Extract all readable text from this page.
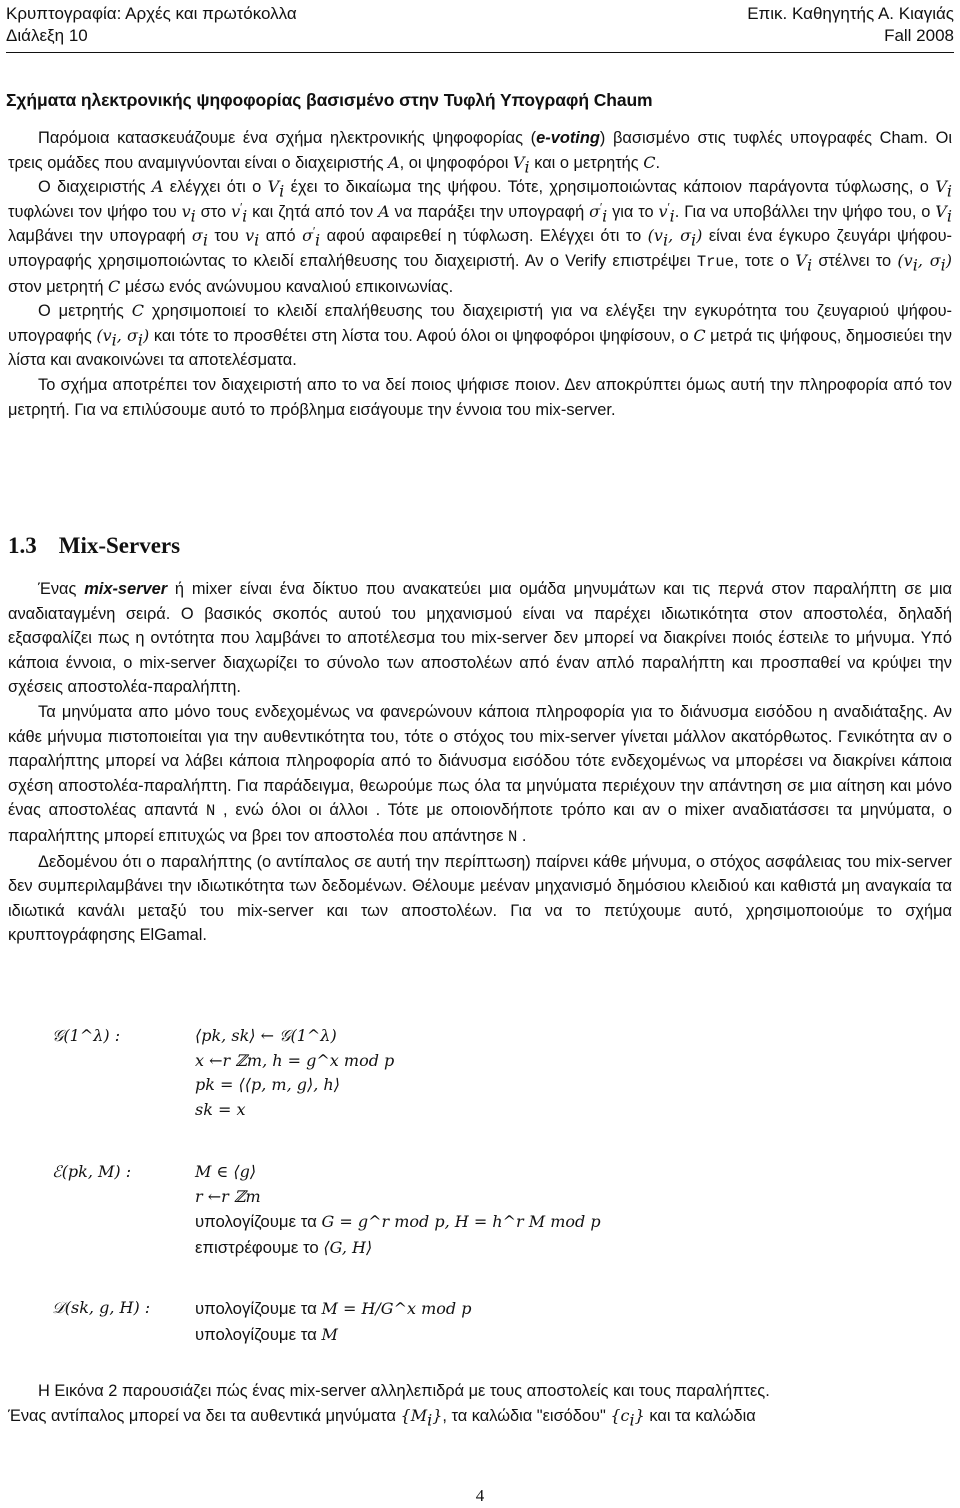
Κρυπτογραφία: Αρχές και πρωτόκολλα	Επικ. Καθηγητής Α. Κιαγιάς
Διάλεξη 10	Fall 2008
Σχήματα ηλεκτρονικής ψηφοφορίας βασισμένο στην Τυφλή Υπογραφή Chaum

Παρόμοια κατασκευάζουμε ένα σχήμα ηλεκτρονικής ψηφοφορίας (e-voting) βασισμένο στις τυφλές υπογραφές Cham. Οι τρεις ομάδες που αναμιγνύονται είναι ο διαχειριστής A, οι ψηφοφόροι $V_i$ και ο μετρητής C.

Ο διαχειριστής A ελέγχει ότι ο $V_i$ έχει το δικαίωμα της ψήφου. Τότε, χρησιμοποιώντας κάποιον παράγοντα τύφλωσης, ο $V_i$ τυφλώνει τον ψήφο του $v_i$ στο $v'_i$ και ζητά από τον A να παράξει την υπογραφή $\sigma'_i$ για το $v'_i$. Για να υποβάλλει την ψήφο του, ο $V_i$ λαμβάνει την υπογραφή $\sigma_i$ του $v_i$ από $\sigma'_i$ αφού αφαιρεθεί η τύφλωση. Ελέγχει ότι το ($v_i$, $\sigma_i$) είναι ένα έγκυρο ζευγάρι ψήφου-υπογραφής χρησιμοποιώντας το κλειδί επαλήθευσης του διαχειριστή. Αν ο Verify επιστρέψει True, τοτε ο $V_i$ στέλνει το ($v_i$, $\sigma_i$) στον μετρητή C μέσω ενός ανώνυμου καναλιού επικοινωνίας.

Ο μετρητής C χρησιμοποιεί το κλειδί επαλήθευσης του διαχειριστή για να ελέγξει την εγκυρότητα του ζευγαριού ψήφου-υπογραφής ($v_i$, $\sigma_i$) και τότε το προσθέτει στη λίστα του. Αφού όλοι οι ψηφοφόροι ψηφίσουν, ο C μετρά τις ψήφους, δημοσιεύει την λίστα και ανακοινώνει τα αποτελέσματα.

Το σχήμα αποτρέπει τον διαχειριστή απο το να δεί ποιος ψήφισε ποιον. Δεν αποκρύπτει όμως αυτή την πληροφορία από τον μετρητή. Για να επιλύσουμε αυτό το πρόβλημα εισάγουμε την έννοια του mix-server.

1.3 Mix-Servers

Ένας mix-server ή mixer είναι ένα δίκτυο που ανακατεύει μια ομάδα μηνυμάτων και τις περνά στον παραλήπτη σε μια αναδιαταγμένη σειρά. Ο βασικός σκοπός αυτού του μηχανισμού είναι να παρέχει ιδιωτικότητα στον αποστολέα, δηλαδή εξασφαλίζει πως η οντότητα που λαμβάνει το αποτέλεσμα του mix-server δεν μπορεί να διακρίνει ποιός έστειλε το μήνυμα. Υπό κάποια έννοια, ο mix-server διαχωρίζει το σύνολο των αποστολέων από έναν απλό παραλήπτη και προσπαθεί να κρύψει την σχέσεις αποστολέα-παραλήπτη.

Τα μηνύματα απο μόνο τους ενδεχομένως να φανερώνουν κάποια πληροφορία για το διάνυσμα εισόδου η αναδιάταξης. Αν κάθε μήνυμα πιστοποιείται για την αυθεντικότητα του, τότε ο στόχος του mix-server γίνεται μάλλον ακατόρθωτος. Γενικότητα αν ο παραλήπτης μπορεί να λάβει κάποια πληροφορία από το διάνυσμα εισόδου τότε ενδεχομένως να μπορέσει να διακρίνει κάποια σχέση αποστολέα-παραλήπτη. Για παράδειγμα, θεωρούμε πως όλα τα μηνύματα περιέχουν την απάντηση σε μια αίτηση και μόνο ένας αποστολέας απαντά N , ενώ όλοι οι άλλοι . Τότε με οποιονδήποτε τρόπο και αν ο mixer αναδιατάσσει τα μηνύματα, ο παραλήπτης μπορεί επιτυχώς να βρει τον αποστολέα που απάντησε N .

Δεδομένου ότι ο παραλήπτης (ο αντίπαλος σε αυτή την περίπτωση) παίρνει κάθε μήνυμα, ο στόχος ασφάλειας του mix-server δεν συμπεριλαμβάνει την ιδιωτικότητα των δεδομένων. Θέλουμε μεέναν μηχανισμό δημόσιου κλειδιού και καθιστά μη αναγκαία τα ιδιωτικά κανάλι μεταξύ του mix-server και των αποστολέων. Για να το πετύχουμε αυτό, χρησιμοποιούμε το σχήμα κρυπτογράφησης ElGamal.

𝒢(1^λ) :	⟨pk, sk⟩ ← 𝒢(1^λ)
x ←r ℤm, h = g^x mod p
pk = ⟨⟨p, m, g⟩, h⟩
sk = x
ℰ(pk, M) :	M ∈ ⟨g⟩
r ←r ℤm
υπολογίζουμε τα G = g^r mod p, H = h^r M mod p
επιστρέφουμε το ⟨G, H⟩
𝒟(sk, g, H) :	υπολογίζουμε τα M = H/G^x mod p
υπολογίζουμε τα M

Η Εικόνα 2 παρουσιάζει πώς ένας mix-server αλληλεπιδρά με τους αποστολείς και τους παραλήπτες.

Ένας αντίπαλος μπορεί να δει τα αυθεντικά μηνύματα $\{M_i\}$, τα καλώδια "εισόδου" $\{c_i\}$ και τα καλώδια

4
